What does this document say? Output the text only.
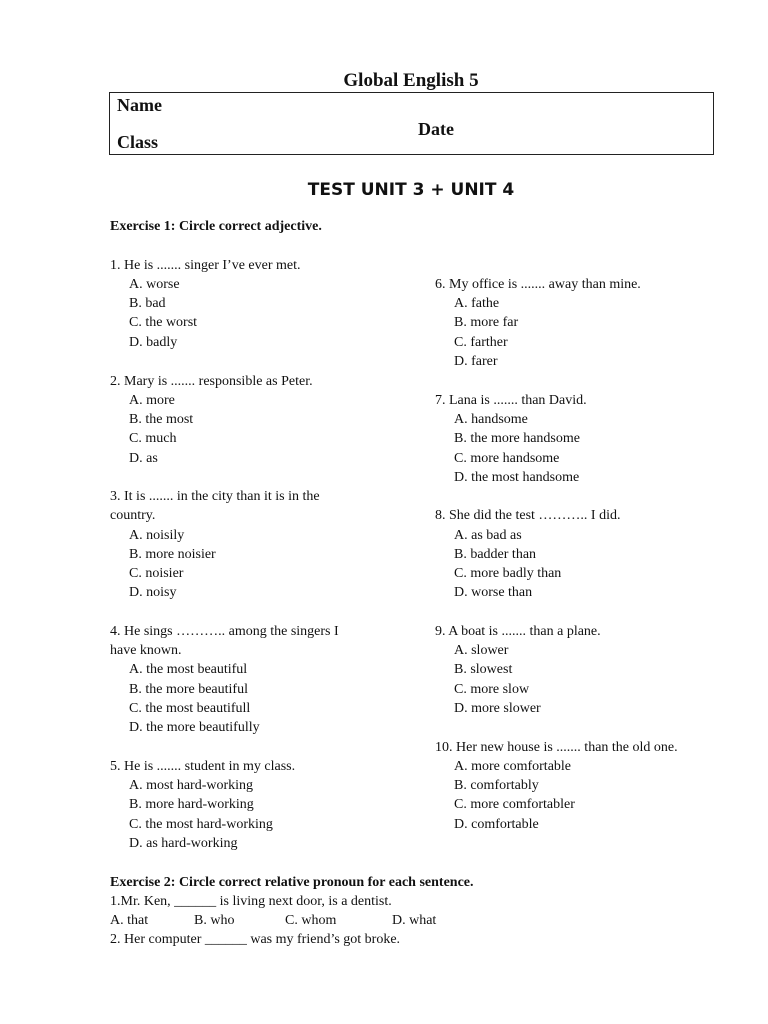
Global English 5
Name
Class
Date
TEST UNIT 3 + UNIT 4
Exercise 1: Circle correct adjective.
1. He is ....... singer I’ve ever met.
A. worse
B. bad
C. the worst
D. badly
2. Mary is ....... responsible as Peter.
A. more
B. the most
C. much
D. as
3. It is ....... in the city than it is in the
country.
A. noisily
B. more noisier
C. noisier
D. noisy
4. He sings ……….. among the singers I
have known.
A. the most beautiful
B. the more beautiful
C. the most beautifull
D. the more beautifully
5. He is ....... student in my class.
A. most hard-working
B. more hard-working
C. the most hard-working
D. as hard-working
6. My office is ....... away than mine.
A. fathe
B. more far
C. farther
D. farer
7. Lana is ....... than David.
A. handsome
B. the more handsome
C. more handsome
D. the most handsome
8. She did the test ……….. I did.
A. as bad as
B. badder than
C. more badly than
D. worse than
9. A boat is ....... than a plane.
A. slower
B. slowest
C. more slow
D. more slower
10. Her new house is ....... than the old one.
A. more comfortable
B. comfortably
C. more comfortabler
D. comfortable
Exercise 2: Circle correct relative pronoun for each sentence.
1.Mr. Ken, ______ is living next door, is a dentist.
A. that	B. who	C. whom	D. what
2. Her computer ______ was my friend’s got broke.
